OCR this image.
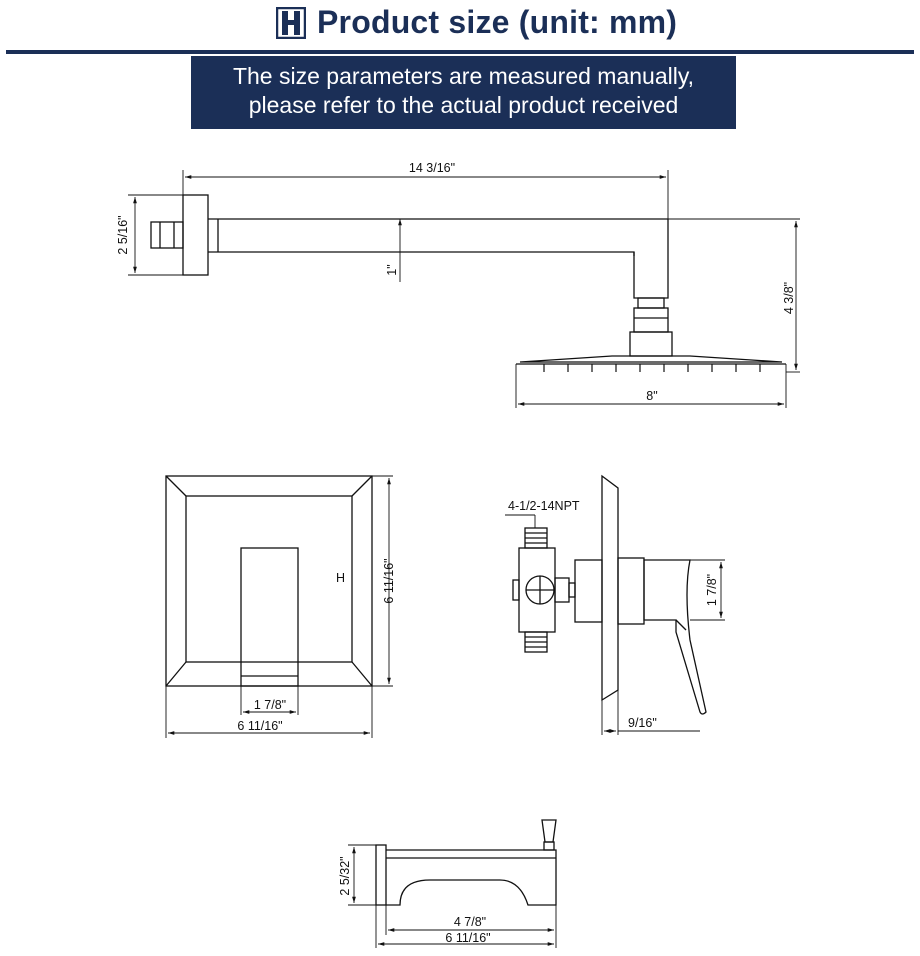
Product size (unit: mm)
The size parameters are measured manually,
please refer to the actual product received
14 3/16"
2 5/16"
1"
4 3/8"
8"
H	6 11/16"
1 7/8"
6 11/16"
4-1/2-14NPT
1 7/8"
9/16"
2 5/32"
4 7/8"
6 11/16"
